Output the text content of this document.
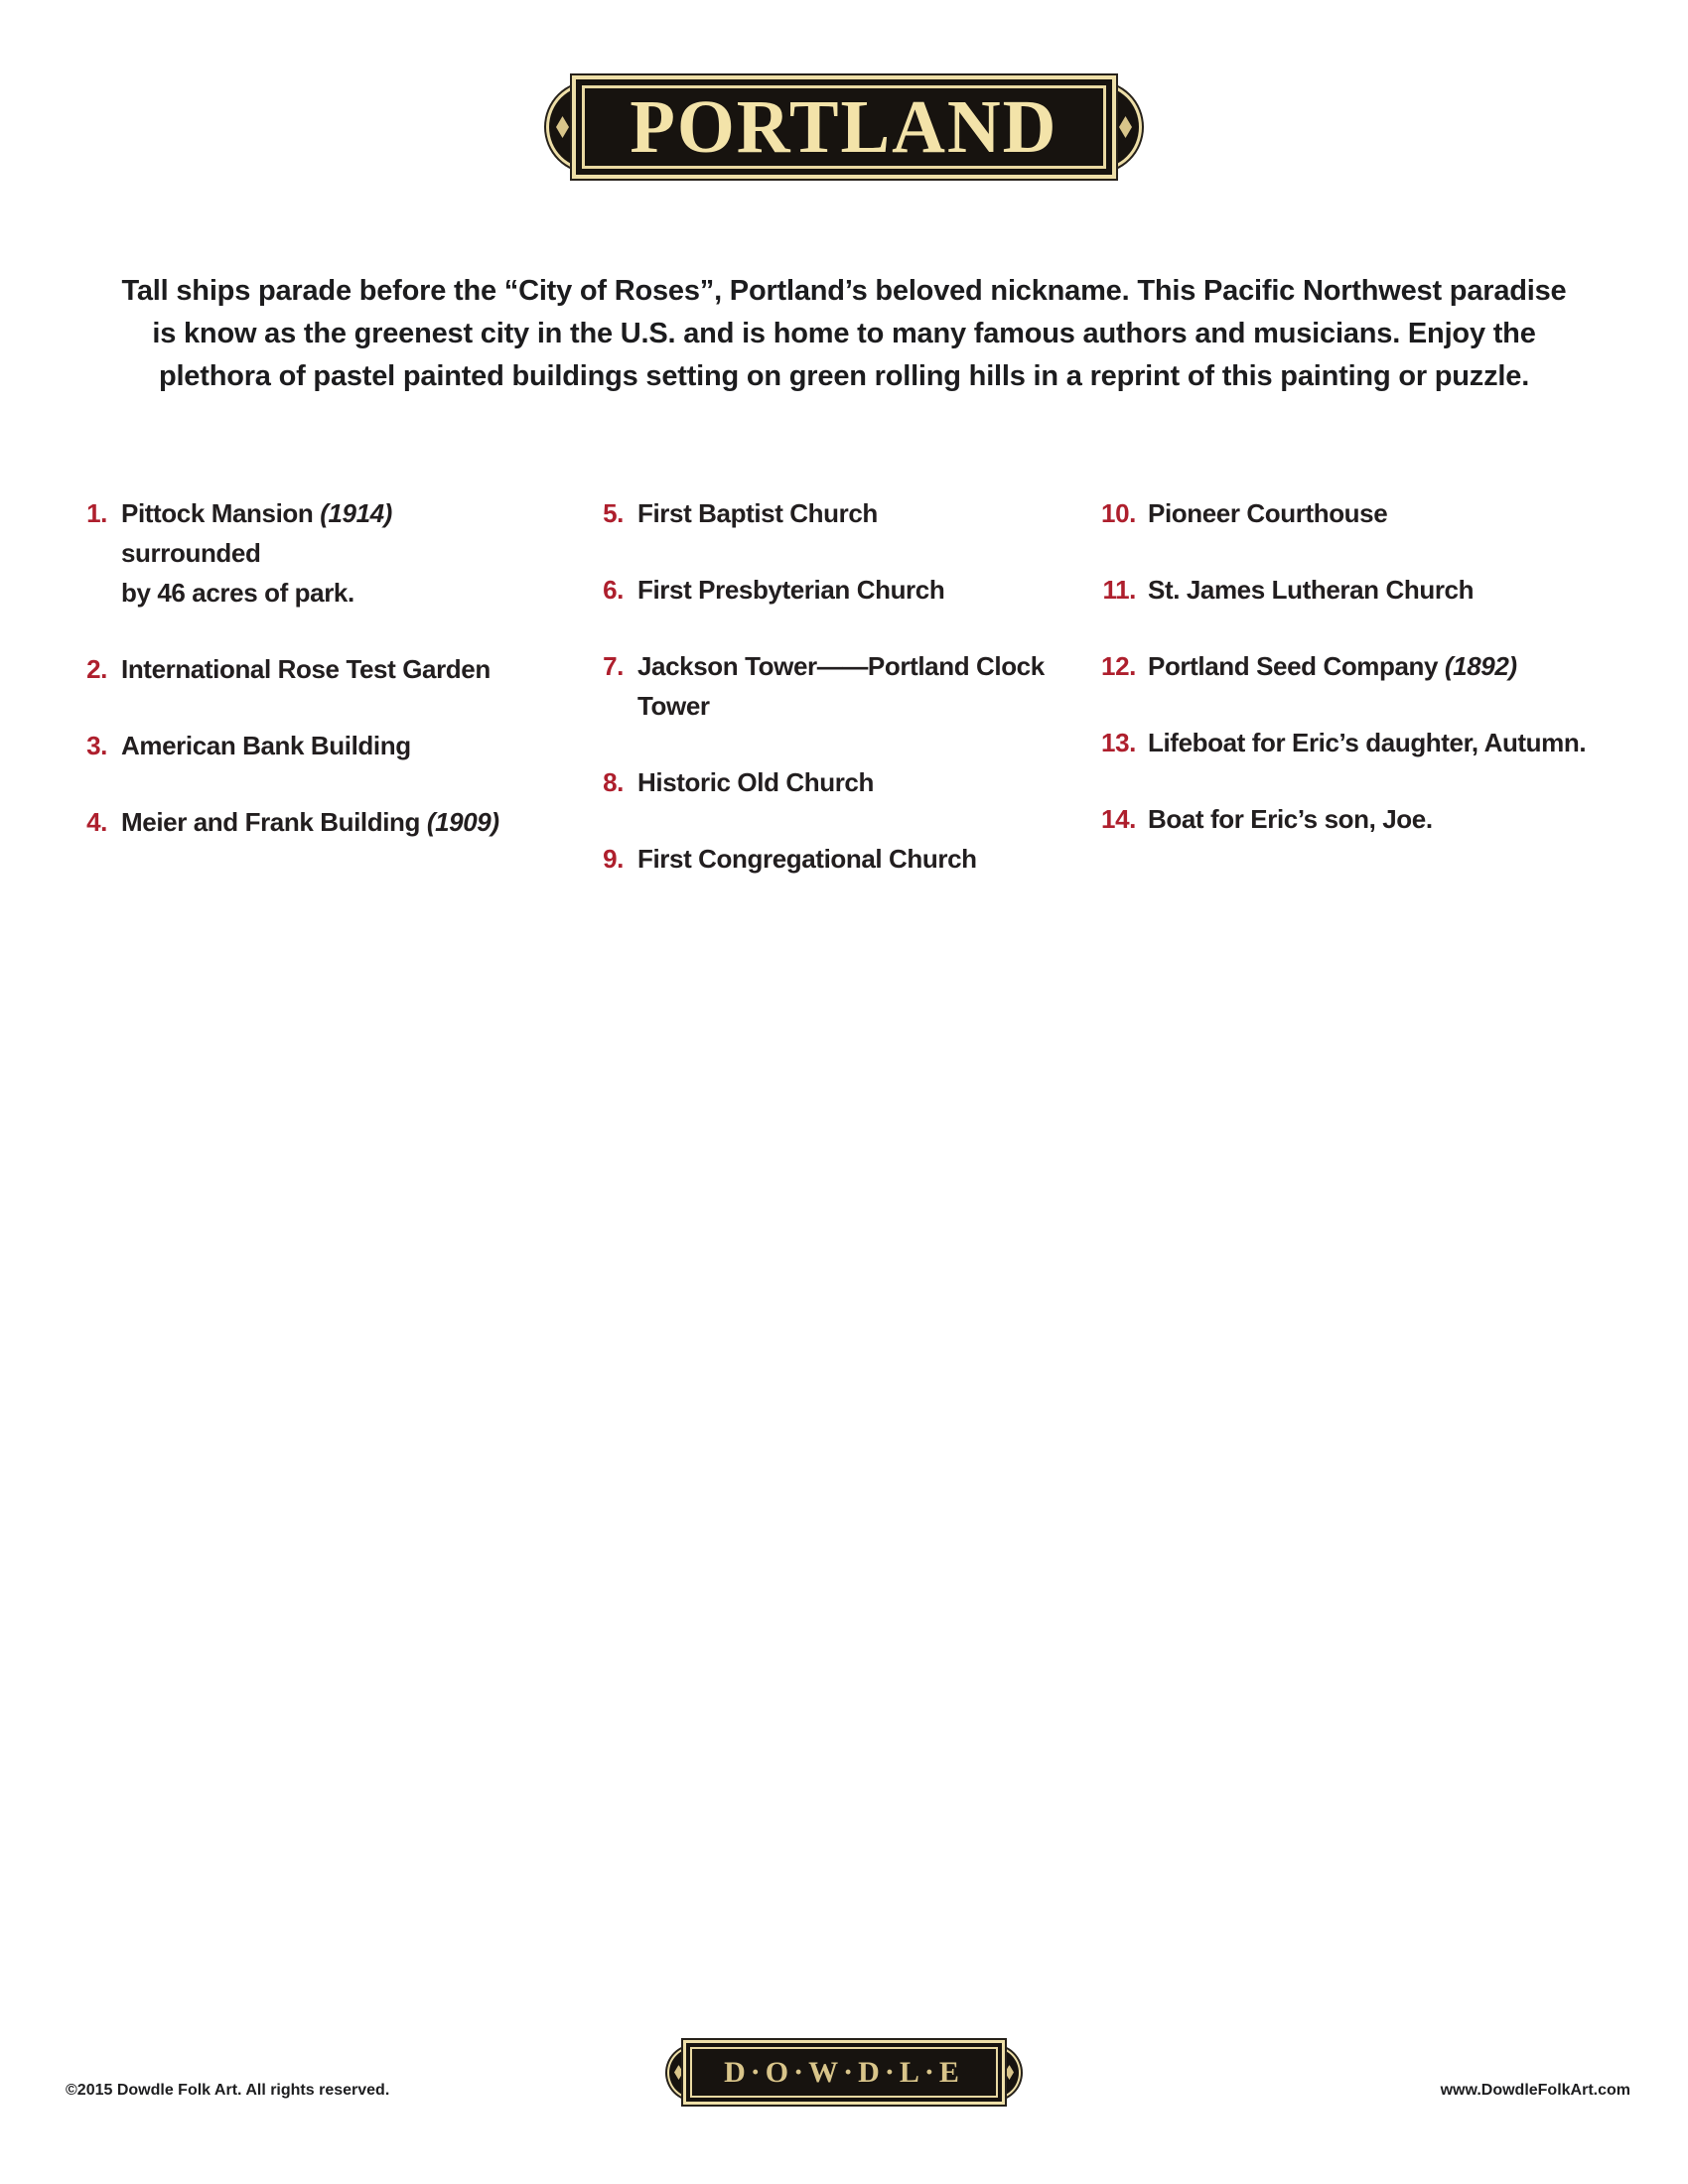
PORTLAND
Tall ships parade before the “City of Roses”, Portland’s beloved nickname. This Pacific Northwest paradise
is know as the greenest city in the U.S. and is home to many famous authors and musicians. Enjoy the
plethora of pastel painted buildings setting on green rolling hills in a reprint of this painting or puzzle.
1. Pittock Mansion (1914) surrounded
by 46 acres of park.
2. International Rose Test Garden
3. American Bank Building
4. Meier and Frank Building (1909)
5. First Baptist Church
6. First Presbyterian Church
7. Jackson Tower——Portland Clock Tower
8. Historic Old Church
9. First Congregational Church
10. Pioneer Courthouse
11. St. James Lutheran Church
12. Portland Seed Company (1892)
13. Lifeboat for Eric’s daughter, Autumn.
14. Boat for Eric’s son, Joe.
©2015 Dowdle Folk Art. All rights reserved.	www.DowdleFolkArt.com
D·O·W·D·L·E
